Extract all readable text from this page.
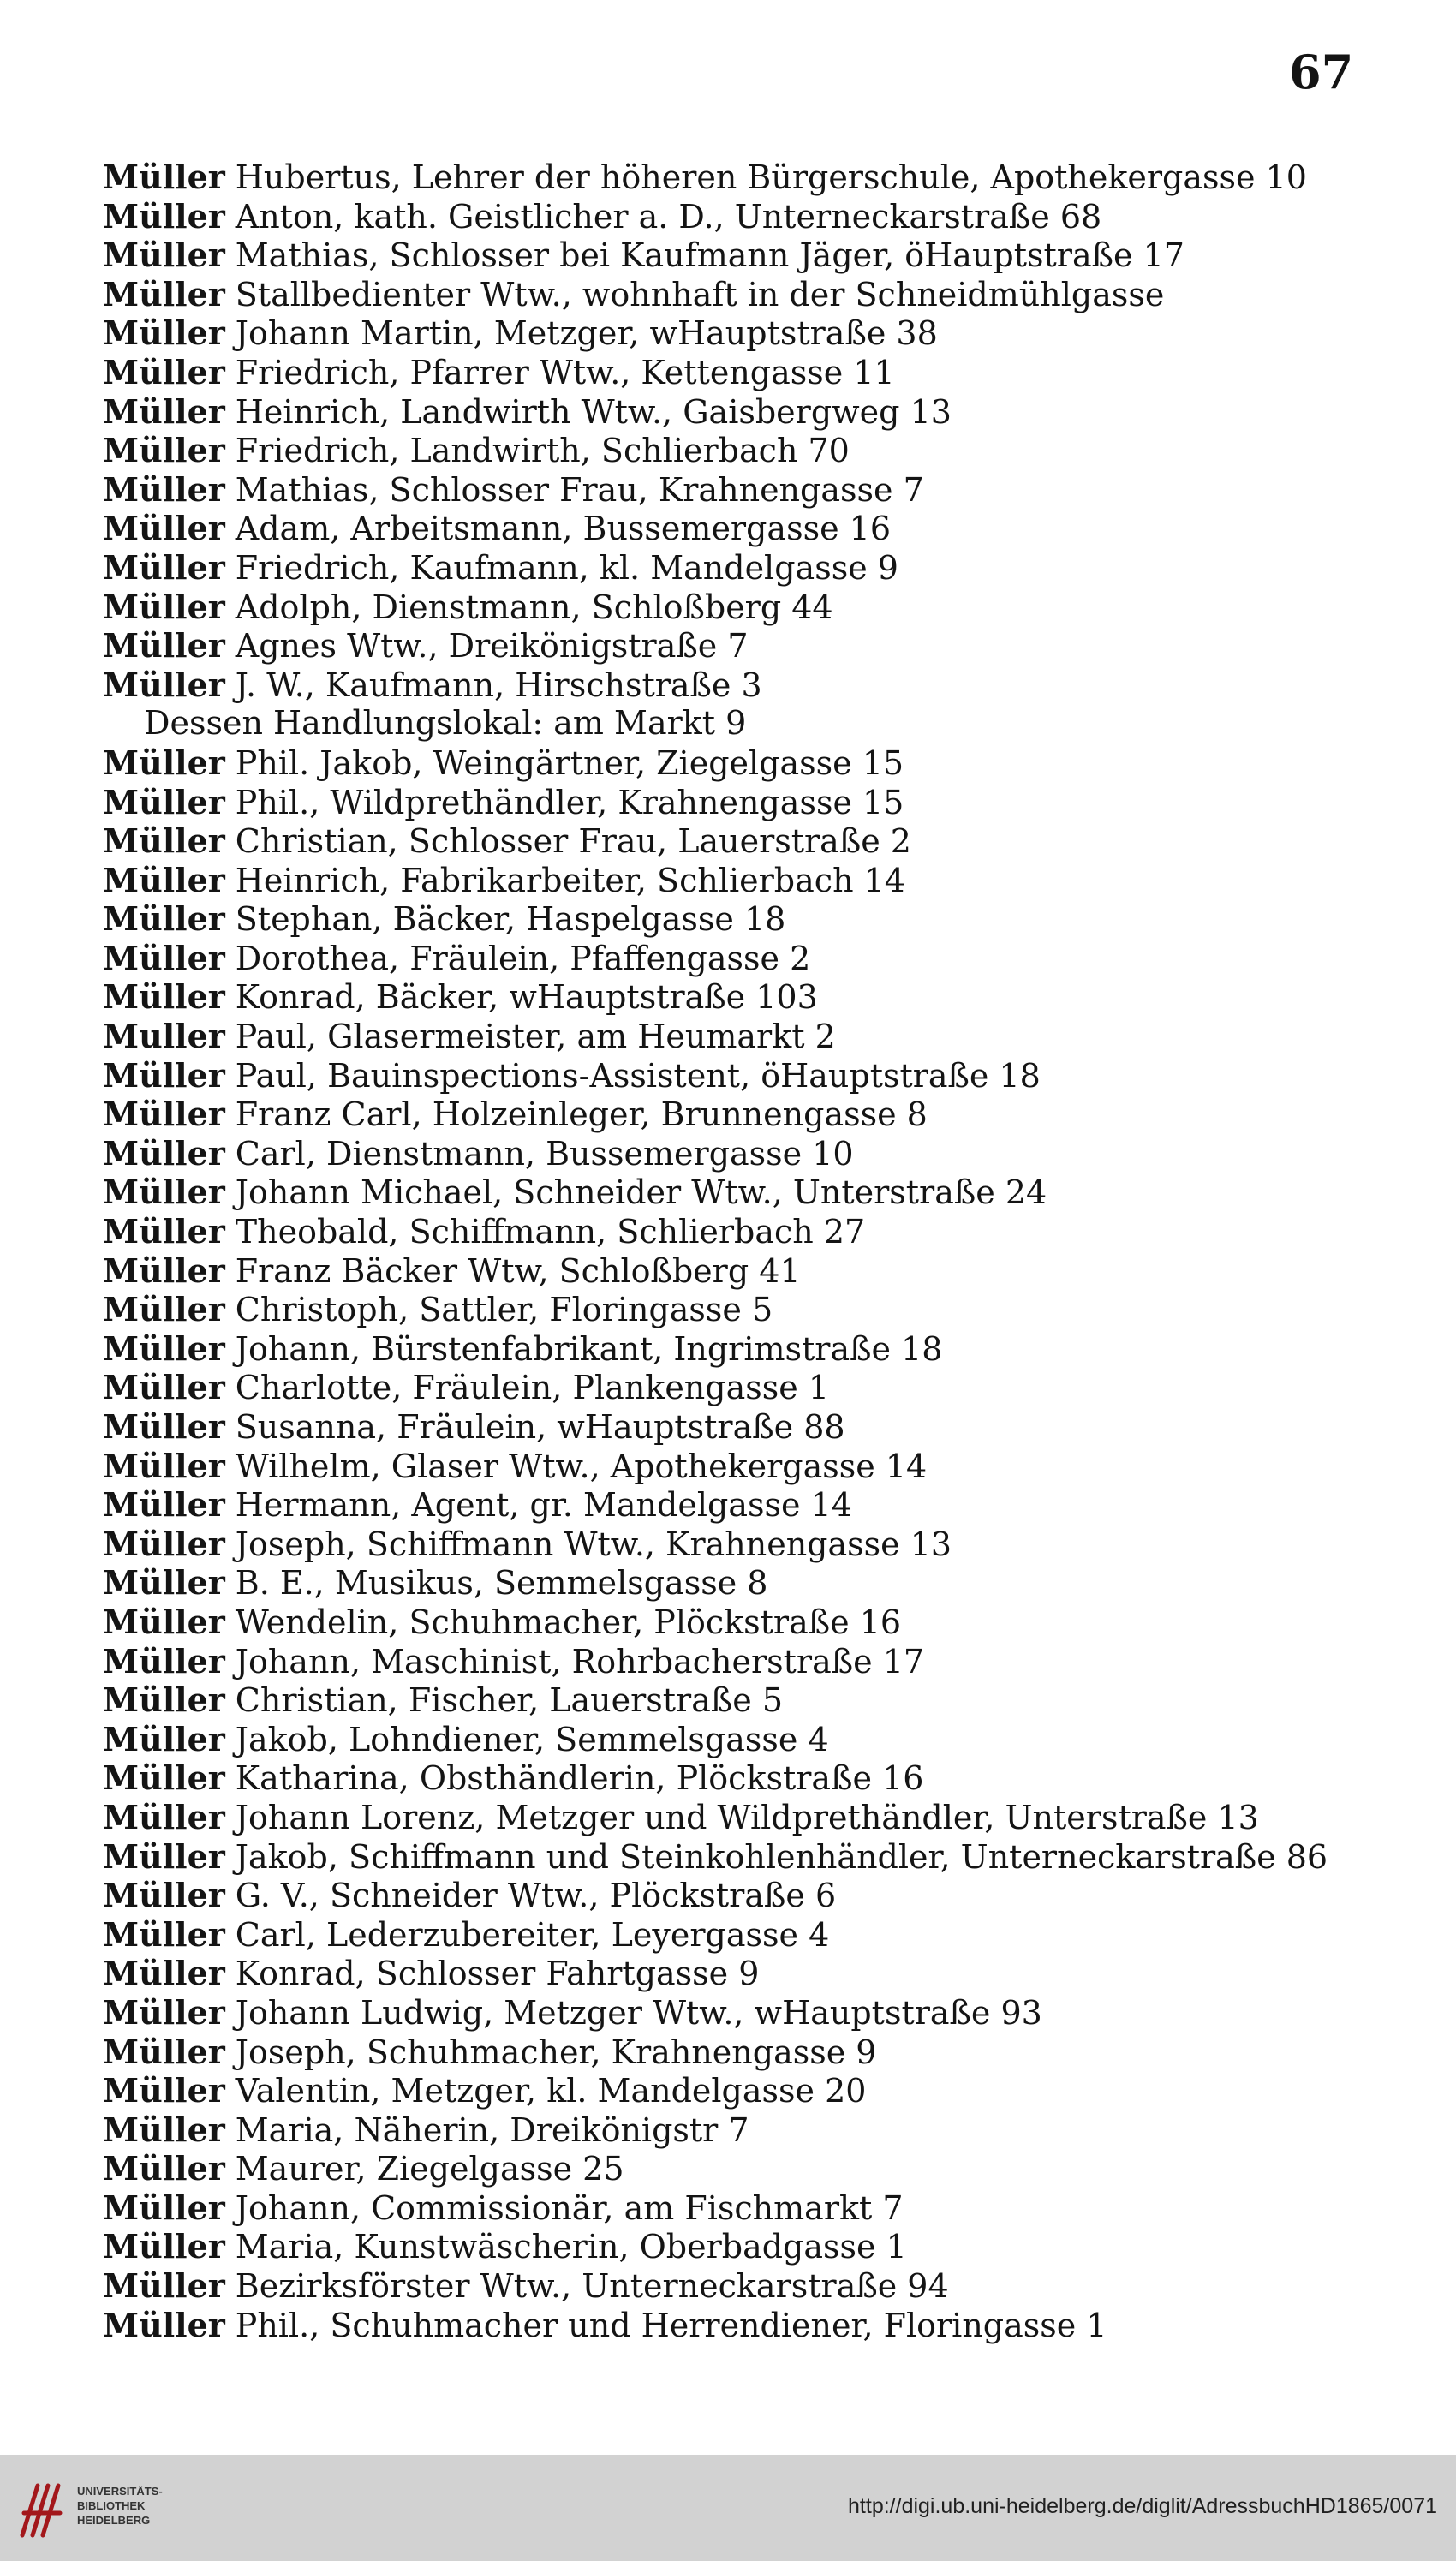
67
Müller Hubertus, Lehrer der höheren Bürgerschule, Apothekergasse 10
Müller Anton, kath. Geistlicher a. D., Unterneckarstraße 68
Müller Mathias, Schlosser bei Kaufmann Jäger, öHauptstraße 17
Müller Stallbedienter Wtw., wohnhaft in der Schneidmühlgasse
Müller Johann Martin, Metzger, wHauptstraße 38
Müller Friedrich, Pfarrer Wtw., Kettengasse 11
Müller Heinrich, Landwirth Wtw., Gaisbergweg 13
Müller Friedrich, Landwirth, Schlierbach 70
Müller Mathias, Schlosser Frau, Krahnengasse 7
Müller Adam, Arbeitsmann, Bussemergasse 16
Müller Friedrich, Kaufmann, kl. Mandelgasse 9
Müller Adolph, Dienstmann, Schloßberg 44
Müller Agnes Wtw., Dreikönigstraße 7
Müller J. W., Kaufmann, Hirschstraße 3
Dessen Handlungslokal: am Markt 9
Müller Phil. Jakob, Weingärtner, Ziegelgasse 15
Müller Phil., Wildprethändler, Krahnengasse 15
Müller Christian, Schlosser Frau, Lauerstraße 2
Müller Heinrich, Fabrikarbeiter, Schlierbach 14
Müller Stephan, Bäcker, Haspelgasse 18
Müller Dorothea, Fräulein, Pfaffengasse 2
Müller Konrad, Bäcker, wHauptstraße 103
Muller Paul, Glasermeister, am Heumarkt 2
Müller Paul, Bauinspections-Assistent, öHauptstraße 18
Müller Franz Carl, Holzeinleger, Brunnengasse 8
Müller Carl, Dienstmann, Bussemergasse 10
Müller Johann Michael, Schneider Wtw., Unterstraße 24
Müller Theobald, Schiffmann, Schlierbach 27
Müller Franz Bäcker Wtw, Schloßberg 41
Müller Christoph, Sattler, Floringasse 5
Müller Johann, Bürstenfabrikant, Ingrimstraße 18
Müller Charlotte, Fräulein, Plankengasse 1
Müller Susanna, Fräulein, wHauptstraße 88
Müller Wilhelm, Glaser Wtw., Apothekergasse 14
Müller Hermann, Agent, gr. Mandelgasse 14
Müller Joseph, Schiffmann Wtw., Krahnengasse 13
Müller B. E., Musikus, Semmelsgasse 8
Müller Wendelin, Schuhmacher, Plöckstraße 16
Müller Johann, Maschinist, Rohrbacherstraße 17
Müller Christian, Fischer, Lauerstraße 5
Müller Jakob, Lohndiener, Semmelsgasse 4
Müller Katharina, Obsthändlerin, Plöckstraße 16
Müller Johann Lorenz, Metzger und Wildprethändler, Unterstraße 13
Müller Jakob, Schiffmann und Steinkohlenhändler, Unterneckarstraße 86
Müller G. V., Schneider Wtw., Plöckstraße 6
Müller Carl, Lederzubereiter, Leyergasse 4
Müller Konrad, Schlosser Fahrtgasse 9
Müller Johann Ludwig, Metzger Wtw., wHauptstraße 93
Müller Joseph, Schuhmacher, Krahnengasse 9
Müller Valentin, Metzger, kl. Mandelgasse 20
Müller Maria, Näherin, Dreikönigstr 7
Müller Maurer, Ziegelgasse 25
Müller Johann, Commissionär, am Fischmarkt 7
Müller Maria, Kunstwäscherin, Oberbadgasse 1
Müller Bezirksförster Wtw., Unterneckarstraße 94
Müller Phil., Schuhmacher und Herrendiener, Floringasse 1
UNIVERSITÄTS-
BIBLIOTHEK
HEIDELBERG
http://digi.ub.uni-heidelberg.de/diglit/AdressbuchHD1865/0071
